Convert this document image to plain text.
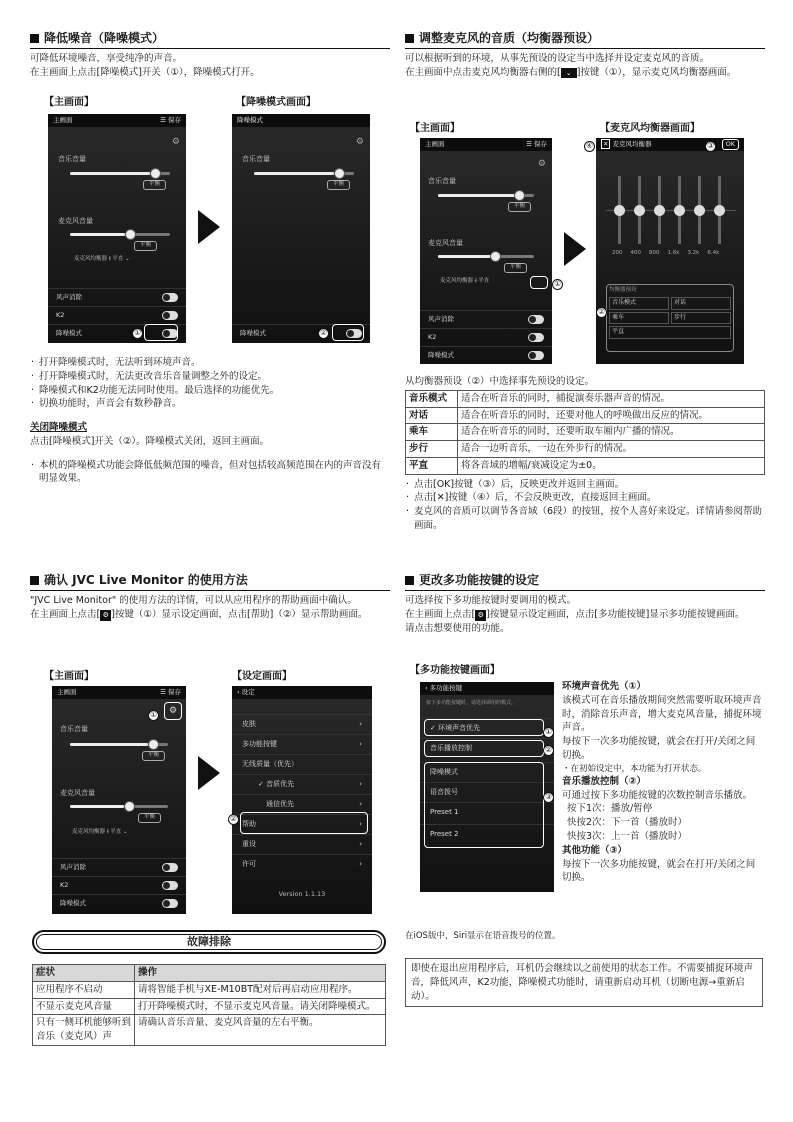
降低噪音（降噪模式）
可降低环境噪音，享受纯净的声音。
在主画面上点击[降噪模式]开关（①），降噪模式打开。
【主画面】	【降噪模式画面】
主画面	☰ 保存
⚙
音乐音量
平衡
麦克风音量
平衡
麦克风均衡器 ⫲ 平直 ⌄
风声消除
K2
降噪模式	①
降噪模式
⚙
音乐音量
平衡
降噪模式	②
· 打开降噪模式时，无法听到环境声音。
· 打开降噪模式时，无法更改音乐音量调整之外的设定。
· 降噪模式和K2功能无法同时使用。最后选择的功能优先。
· 切换功能时，声音会有数秒静音。
关闭降噪模式
点击[降噪模式]开关（②）。降噪模式关闭，返回主画面。
· 本机的降噪模式功能会降低低频范围的噪音，但对包括较高频范围在内的声音没有明显效果。
调整麦克风的音质（均衡器预设）
可以根据听到的环境，从事先预设的设定当中选择并设定麦克风的音质。
在主画面中点击麦克风均衡器右侧的[ ⌄ ]按键（①），显示麦克风均衡器画面。
【主画面】	【麦克风均衡器画面】
主画面	☰ 保存
⚙
音乐音量
平衡
麦克风音量
平衡
麦克风均衡器 ⫲ 平直
风声消除
K2
降噪模式
①
✕ 麦克风均衡器	OK
200 400 800 1.6k 3.2k 6.4k
均衡器预设
音乐模式	对话
乘车	步行
平直
④	③
②
从均衡器预设（②）中选择事先预设的设定。
音乐模式	适合在听音乐的同时，捕捉演奏乐器声音的情况。
对话	适合在听音乐的同时，还要对他人的呼唤做出反应的情况。
乘车	适合在听音乐的同时，还要听取车厢内广播的情况。
步行	适合一边听音乐，一边在外步行的情况。
平直	将各音域的增幅/衰减设定为±0。
· 点击[OK]按键（③）后，反映更改并返回主画面。
· 点击[✕]按键（④）后，不会反映更改，直接返回主画面。
· 麦克风的音质可以调节各音域（6段）的按钮，按个人喜好来设定。详情请参阅帮助画面。
确认 JVC Live Monitor 的使用方法
"JVC Live Monitor" 的使用方法的详情，可以从应用程序的帮助画面中确认。
在主画面上点击[ ⚙ ]按键（①）显示设定画面，点击[帮助]（②）显示帮助画面。
【主画面】	【设定画面】
主画面	☰ 保存
⚙
音乐音量
平衡
麦克风音量
平衡
麦克风均衡器 ⫲ 平直 ⌄
风声消除
K2
降噪模式
①
‹ 设定
皮肤	›
多功能按键	›
无线质量（优先）
✓ 音质优先	›
通信优先	›
帮助	›
重设	›
许可	›
Version 1.1.13
②
故障排除
症状	操作
应用程序不启动	请将智能手机与XE-M10BT配对后再启动应用程序。
不显示麦克风音量	打开降噪模式时，不显示麦克风音量。请关闭降噪模式。
只有一侧耳机能够听到音乐（麦克风）声	请确认音乐音量、麦克风音量的左右平衡。
更改多功能按键的设定
可选择按下多功能按键时要调用的模式。
在主画面上点击[ ⚙ ]按键显示设定画面，点击[多功能按键]显示多功能按键画面。
请点击想要使用的功能。
【多功能按键画面】
‹ 多功能按键
按下多功能按键时，请选择调用的模式。
✓ 环境声音优先
音乐播放控制
降噪模式
语音拨号
Preset 1
Preset 2
①
②
③
环境声音优先（①）
该模式可在音乐播放期间突然需要听取环境声音时，消除音乐声音，增大麦克风音量，捕捉环境声音。
每按下一次多功能按键，就会在打开/关闭之间切换。
・在初始设定中，本功能为打开状态。
音乐播放控制（②）
可通过按下多功能按键的次数控制音乐播放。
按下1次：播放/暂停
快按2次：下一首（播放时）
快按3次：上一首（播放时）
其他功能（③）
每按下一次多功能按键，就会在打开/关闭之间切换。
在iOS版中，Siri显示在语音拨号的位置。
即使在退出应用程序后，耳机仍会继续以之前使用的状态工作。不需要捕捉环境声音，降低风声，K2功能，降噪模式功能时，请重新启动耳机（切断电源→重新启动）。
